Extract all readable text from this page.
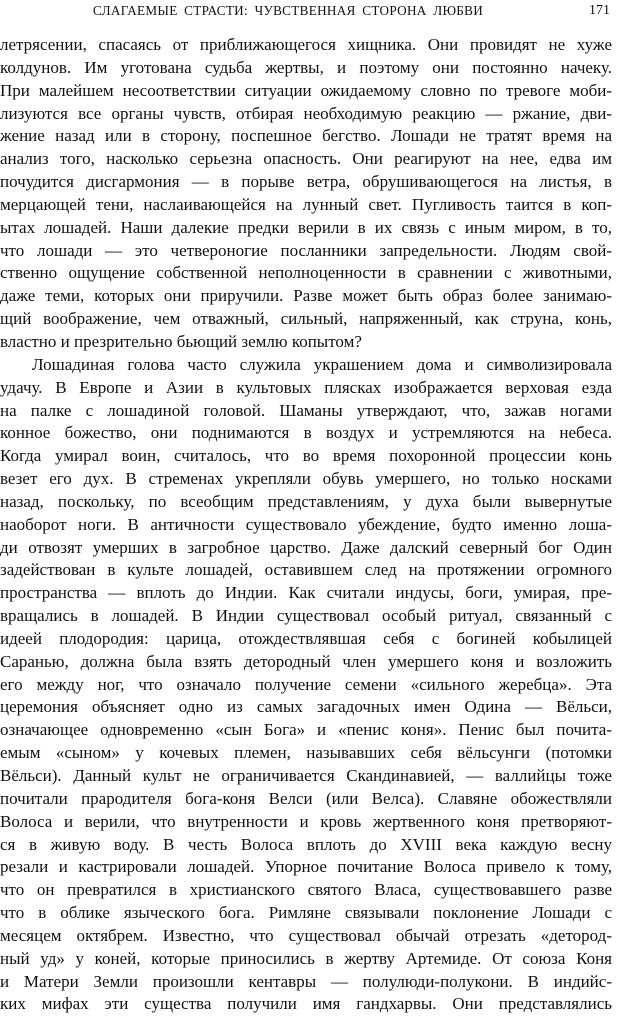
СЛАГАЕМЫЕ СТРАСТИ: ЧУВСТВЕННАЯ СТОРОНА ЛЮБВИ	171
летрясении, спасаясь от приближающегося хищника. Они провидят не хуже
колдунов. Им уготована судьба жертвы, и поэтому они постоянно начеку.
При малейшем несоответствии ситуации ожидаемому словно по тревоге моби-
лизуются все органы чувств, отбирая необходимую реакцию — ржание, дви-
жение назад или в сторону, поспешное бегство. Лошади не тратят время на
анализ того, насколько серьезна опасность. Они реагируют на нее, едва им
почудится дисгармония — в порыве ветра, обрушивающегося на листья, в
мерцающей тени, наслаивающейся на лунный свет. Пугливость таится в коп-
ытах лошадей. Наши далекие предки верили в их связь с иным миром, в то,
что лошади — это четвероногие посланники запредельности. Людям свой-
ственно ощущение собственной неполноценности в сравнении с животными,
даже теми, которых они приручили. Разве может быть образ более занимаю-
щий воображение, чем отважный, сильный, напряженный, как струна, конь,
властно и презрительно бьющий землю копытом?
Лошадиная голова часто служила украшением дома и символизировала
удачу. В Европе и Азии в культовых плясках изображается верховая езда
на палке с лошадиной головой. Шаманы утверждают, что, зажав ногами
конное божество, они поднимаются в воздух и устремляются на небеса.
Когда умирал воин, считалось, что во время похоронной процессии конь
везет его дух. В стременах укрепляли обувь умершего, но только носками
назад, поскольку, по всеобщим представлениям, у духа были вывернутые
наоборот ноги. В античности существовало убеждение, будто именно лоша-
ди отвозят умерших в загробное царство. Даже далский северный бог Один
задействован в культе лошадей, оставившем след на протяжении огромного
пространства — вплоть до Индии. Как считали индусы, боги, умирая, пре-
вращались в лошадей. В Индии существовал особый ритуал, связанный с
идеей плодородия: царица, отождествлявшая себя с богиней кобылицей
Саранью, должна была взять детородный член умершего коня и возложить
его между ног, что означало получение семени «сильного жеребца». Эта
церемония объясняет одно из самых загадочных имен Одина — Вёльси,
означающее одновременно «сын Бога» и «пенис коня». Пенис был почита-
емым «сыном» у кочевых племен, называвших себя вёльсунги (потомки
Вёльси). Данный культ не ограничивается Скандинавией, — валлийцы тоже
почитали прародителя бога-коня Велси (или Велса). Славяне обожествляли
Волоса и верили, что внутренности и кровь жертвенного коня претворяют-
ся в живую воду. В честь Волоса вплоть до XVIII века каждую весну
резали и кастрировали лошадей. Упорное почитание Волоса привело к тому,
что он превратился в христианского святого Власа, существовавшего разве
что в облике языческого бога. Римляне связывали поклонение Лошади с
месяцем октябрем. Известно, что существовал обычай отрезать «детород-
ный уд» у коней, которые приносились в жертву Артемиде. От союза Коня
и Матери Земли произошли кентавры — полулюди-полукони. В индийс-
ких мифах эти существа получили имя гандхарвы. Они представлялись
